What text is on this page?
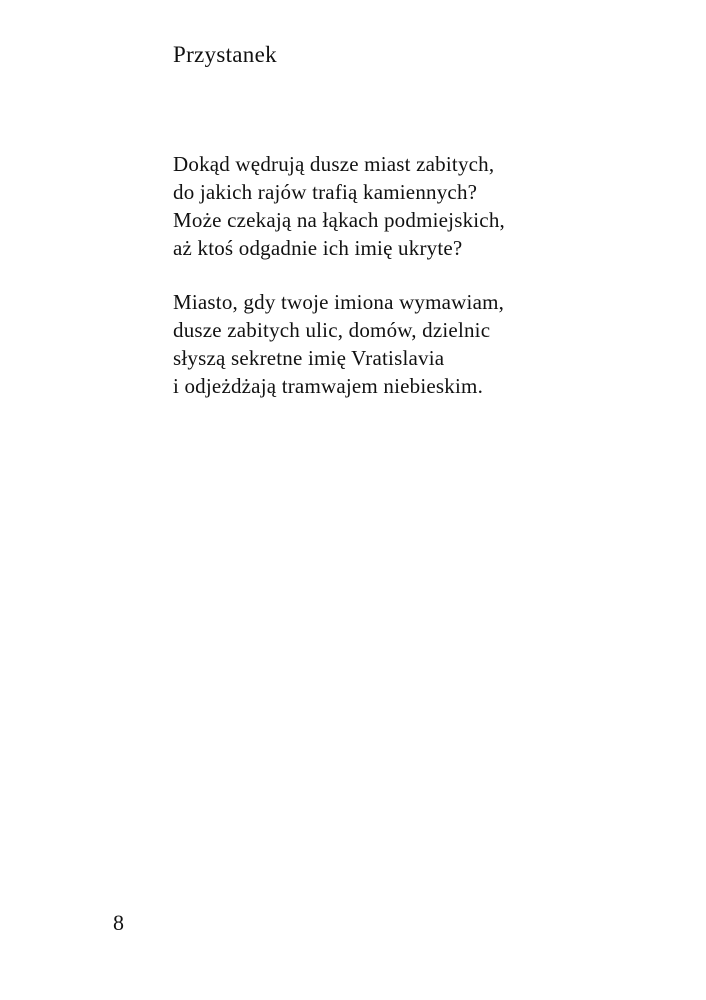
Przystanek
Dokąd wędrują dusze miast zabitych,
do jakich rajów trafią kamiennych?
Może czekają na łąkach podmiejskich,
aż ktoś odgadnie ich imię ukryte?
Miasto, gdy twoje imiona wymawiam,
dusze zabitych ulic, domów, dzielnic
słyszą sekretne imię Vratislavia
i odjeżdżają tramwajem niebieskim.

8
